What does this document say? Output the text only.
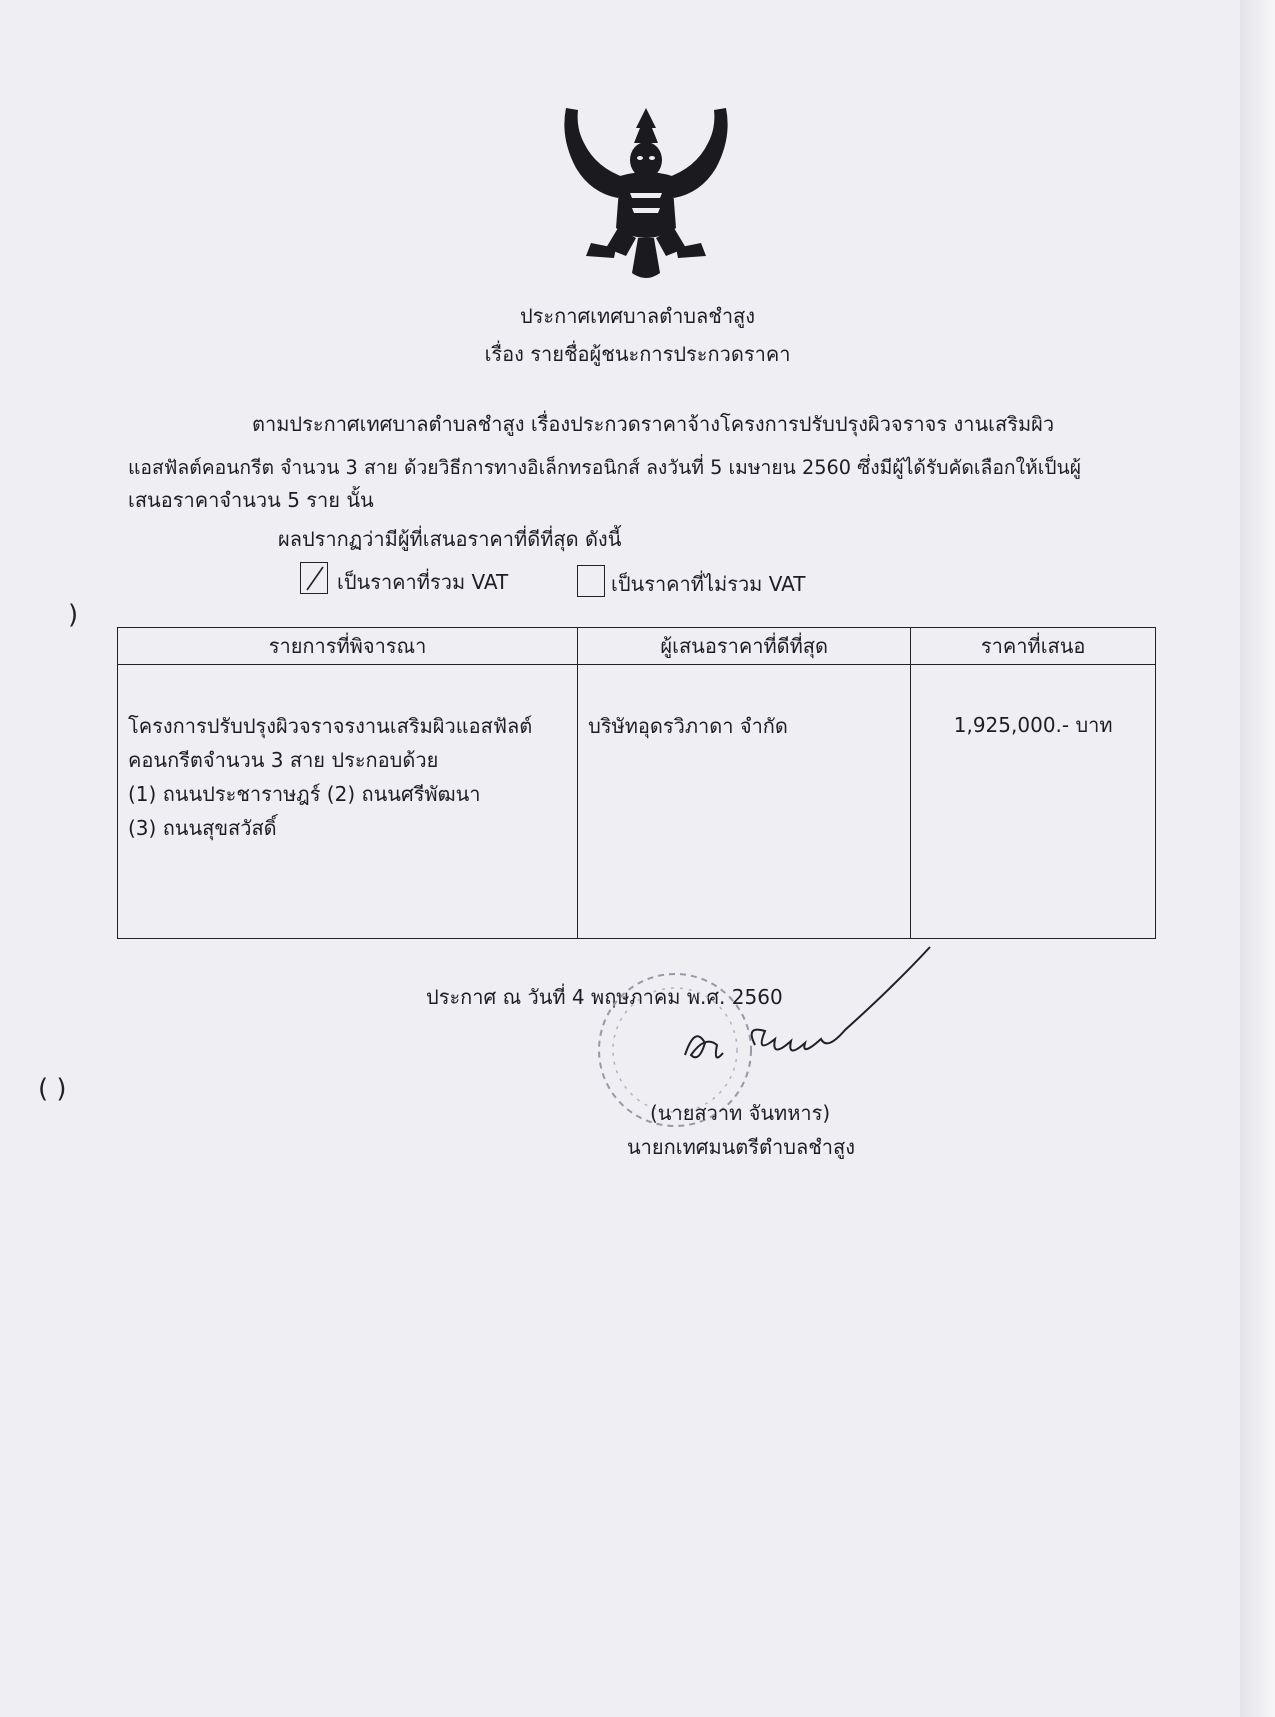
ประกาศเทศบาลตำบลชำสูง
เรื่อง รายชื่อผู้ชนะการประกวดราคา
ตามประกาศเทศบาลตำบลชำสูง เรื่องประกวดราคาจ้างโครงการปรับปรุงผิวจราจร งานเสริมผิว
แอสฟัลต์คอนกรีต จำนวน 3 สาย ด้วยวิธีการทางอิเล็กทรอนิกส์ ลงวันที่ 5 เมษายน 2560 ซึ่งมีผู้ได้รับคัดเลือกให้เป็นผู้
เสนอราคาจำนวน 5 ราย นั้น
ผลปรากฏว่ามีผู้ที่เสนอราคาที่ดีที่สุด ดังนี้
เป็นราคาที่รวม VAT	เป็นราคาที่ไม่รวม VAT
)
( )
รายการที่พิจารณา	ผู้เสนอราคาที่ดีที่สุด	ราคาที่เสนอ

โครงการปรับปรุงผิวจราจรงานเสริมผิวแอสฟัลต์
คอนกรีตจำนวน 3 สาย ประกอบด้วย
(1) ถนนประชาราษฎร์ (2) ถนนศรีพัฒนา
(3) ถนนสุขสวัสดิ์	บริษัทอุดรวิภาดา จำกัด	1,925,000.- บาท
ประกาศ ณ วันที่ 4 พฤษภาคม พ.ศ. 2560
(นายสวาท จันทหาร)
นายกเทศมนตรีตำบลชำสูง
